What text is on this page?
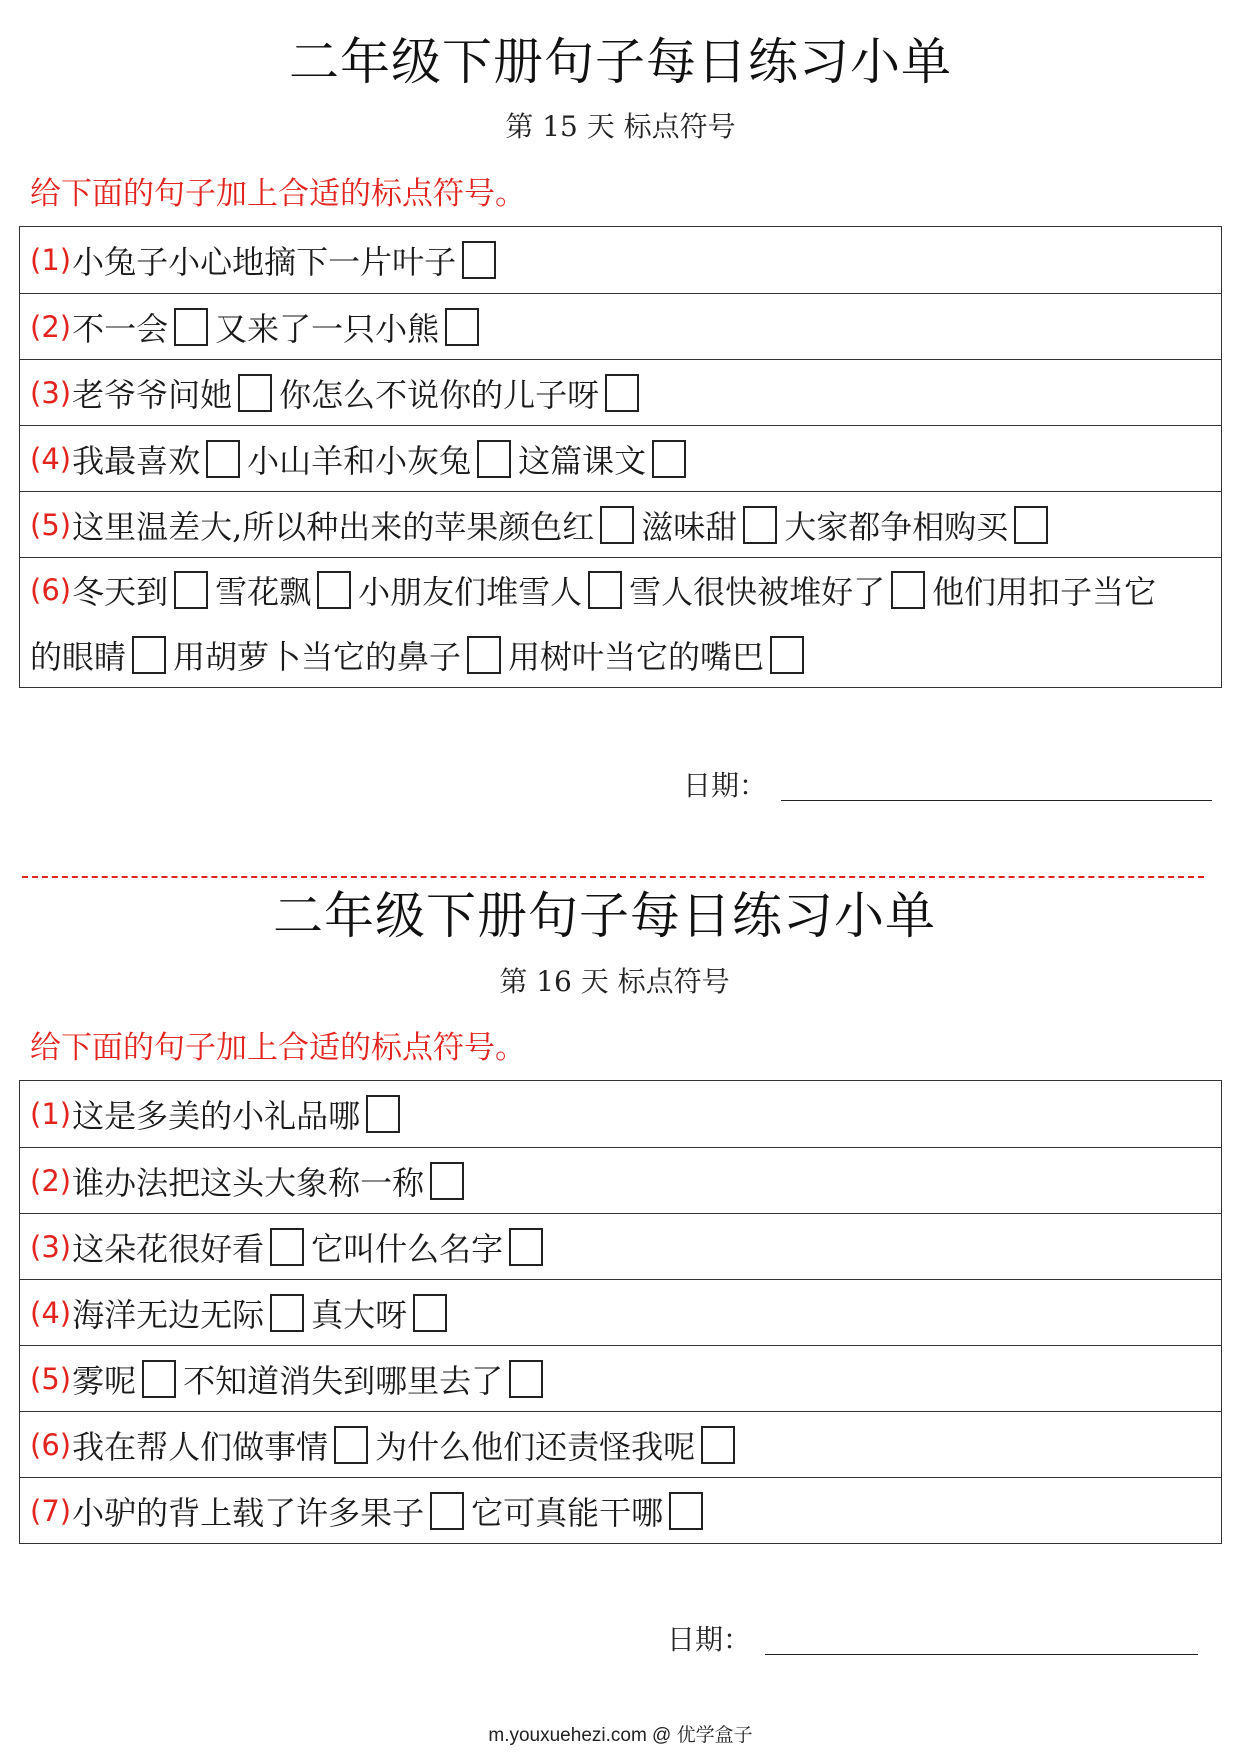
二年级下册句子每日练习小单
第 15 天 标点符号
给下面的句子加上合适的标点符号。
(1) 小兔子小心地摘下一片叶子
(2) 不一会 又来了一只小熊
(3) 老爷爷问她 你怎么不说你的儿子呀
(4) 我最喜欢 小山羊和小灰兔 这篇课文
(5) 这里温差大,所以种出来的苹果颜色红 滋味甜 大家都争相购买
(6) 冬天到 雪花飘 小朋友们堆雪人 雪人很快被堆好了 他们用扣子当它
的眼睛 用胡萝卜当它的鼻子 用树叶当它的嘴巴
日期：
二年级下册句子每日练习小单
第 16 天 标点符号
给下面的句子加上合适的标点符号。
(1) 这是多美的小礼品哪
(2) 谁办法把这头大象称一称
(3) 这朵花很好看 它叫什么名字
(4) 海洋无边无际 真大呀
(5) 雾呢 不知道消失到哪里去了
(6) 我在帮人们做事情 为什么他们还责怪我呢
(7) 小驴的背上载了许多果子 它可真能干哪
日期：
m.youxuehezi.com @ 优学盒子
